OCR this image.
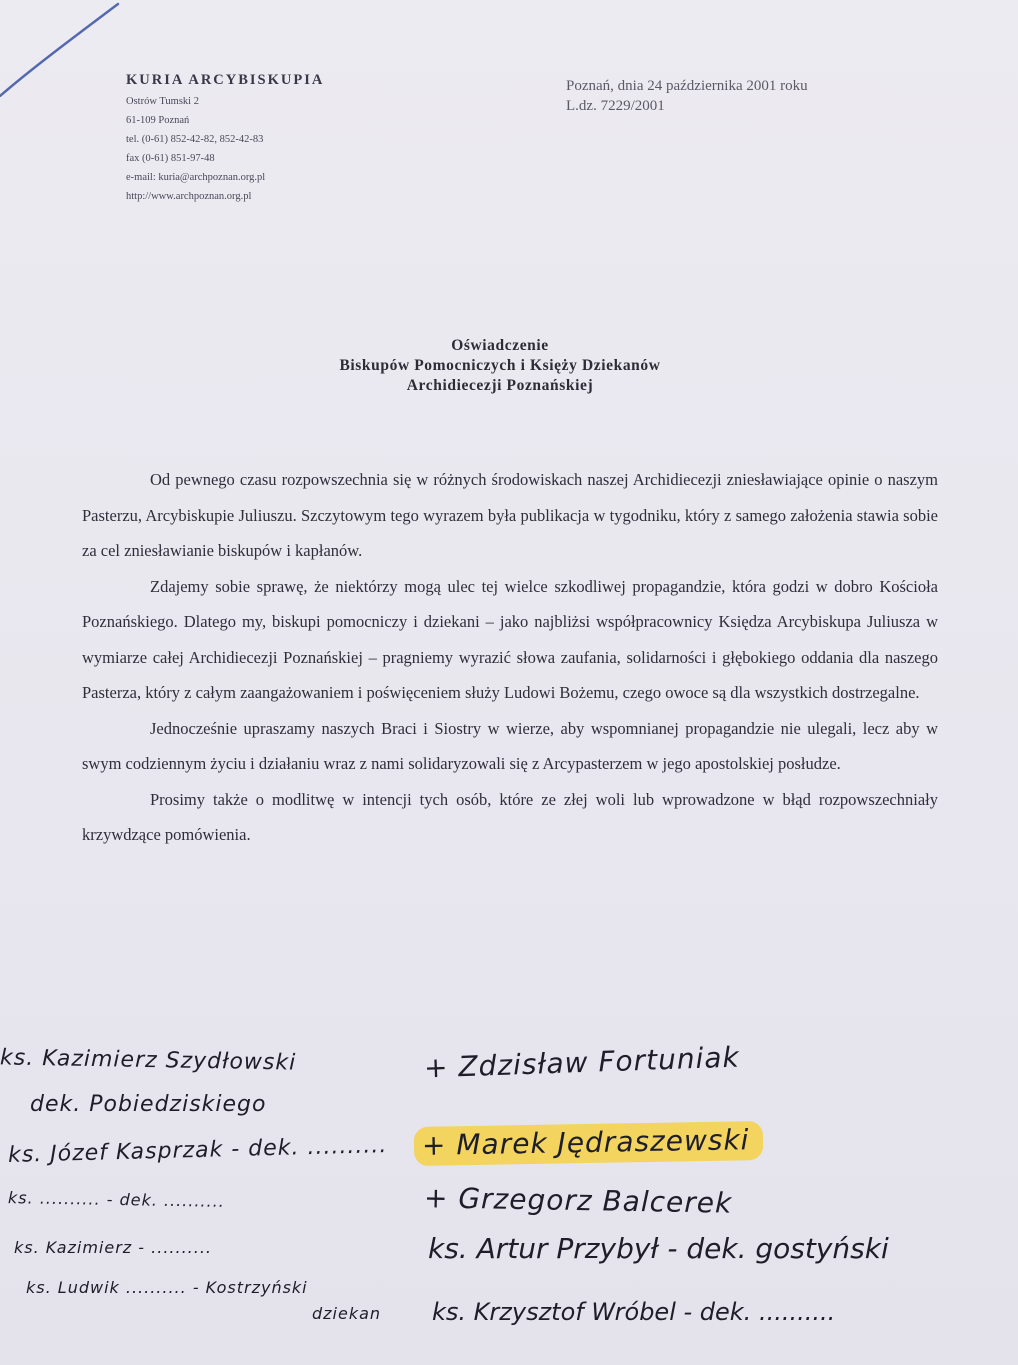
KURIA ARCYBISKUPIA
Ostrów Tumski 2
61-109 Poznań
tel. (0-61) 852-42-82, 852-42-83
fax (0-61) 851-97-48
e-mail: kuria@archpoznan.org.pl
http://www.archpoznan.org.pl
Poznań, dnia 24 października 2001 roku
L.dz. 7229/2001
Oświadczenie
Biskupów Pomocniczych i Księży Dziekanów
Archidiecezji Poznańskiej

Od pewnego czasu rozpowszechnia się w różnych środowiskach naszej Archidiecezji zniesławiające opinie o naszym Pasterzu, Arcybiskupie Juliuszu. Szczytowym tego wyrazem była publikacja w tygodniku, który z samego założenia stawia sobie za cel zniesławianie biskupów i kapłanów.

Zdajemy sobie sprawę, że niektórzy mogą ulec tej wielce szkodliwej propagandzie, która godzi w dobro Kościoła Poznańskiego. Dlatego my, biskupi pomocniczy i dziekani – jako najbliżsi współpracownicy Księdza Arcybiskupa Juliusza w wymiarze całej Archidiecezji Poznańskiej – pragniemy wyrazić słowa zaufania, solidarności i głębokiego oddania dla naszego Pasterza, który z całym zaangażowaniem i poświęceniem służy Ludowi Bożemu, czego owoce są dla wszystkich dostrzegalne.

Jednocześnie upraszamy naszych Braci i Siostry w wierze, aby wspomnianej propagandzie nie ulegali, lecz aby w swym codziennym życiu i działaniu wraz z nami solidaryzowali się z Arcypasterzem w jego apostolskiej posłudze.

Prosimy także o modlitwę w intencji tych osób, które ze złej woli lub wprowadzone w błąd rozpowszechniały krzywdzące pomówienia.

ks. Kazimierz Szydłowski
dek. Pobiedziskiego
ks. Józef Kasprzak - dek. ..........
ks. .......... - dek. ..........
ks. Kazimierz - ..........
ks. Ludwik .......... - Kostrzyński
dziekan
+ Zdzisław Fortuniak
+ Marek Jędraszewski
+ Grzegorz Balcerek
ks. Artur Przybył - dek. gostyński
ks. Krzysztof Wróbel - dek. ..........
